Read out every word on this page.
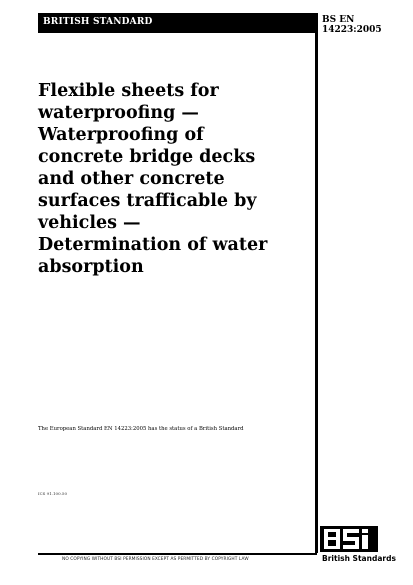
BRITISH STANDARD	BS EN
14223:2005
Flexible sheets for
waterproofing —
Waterproofing of
concrete bridge decks
and other concrete
surfaces trafficable by
vehicles —
Determination of water
absorption
The European Standard EN 14223:2005 has the status of a British Standard
ICS 91.100.50
NO COPYING WITHOUT BSI PERMISSION EXCEPT AS PERMITTED BY COPYRIGHT LAW	British Standards
